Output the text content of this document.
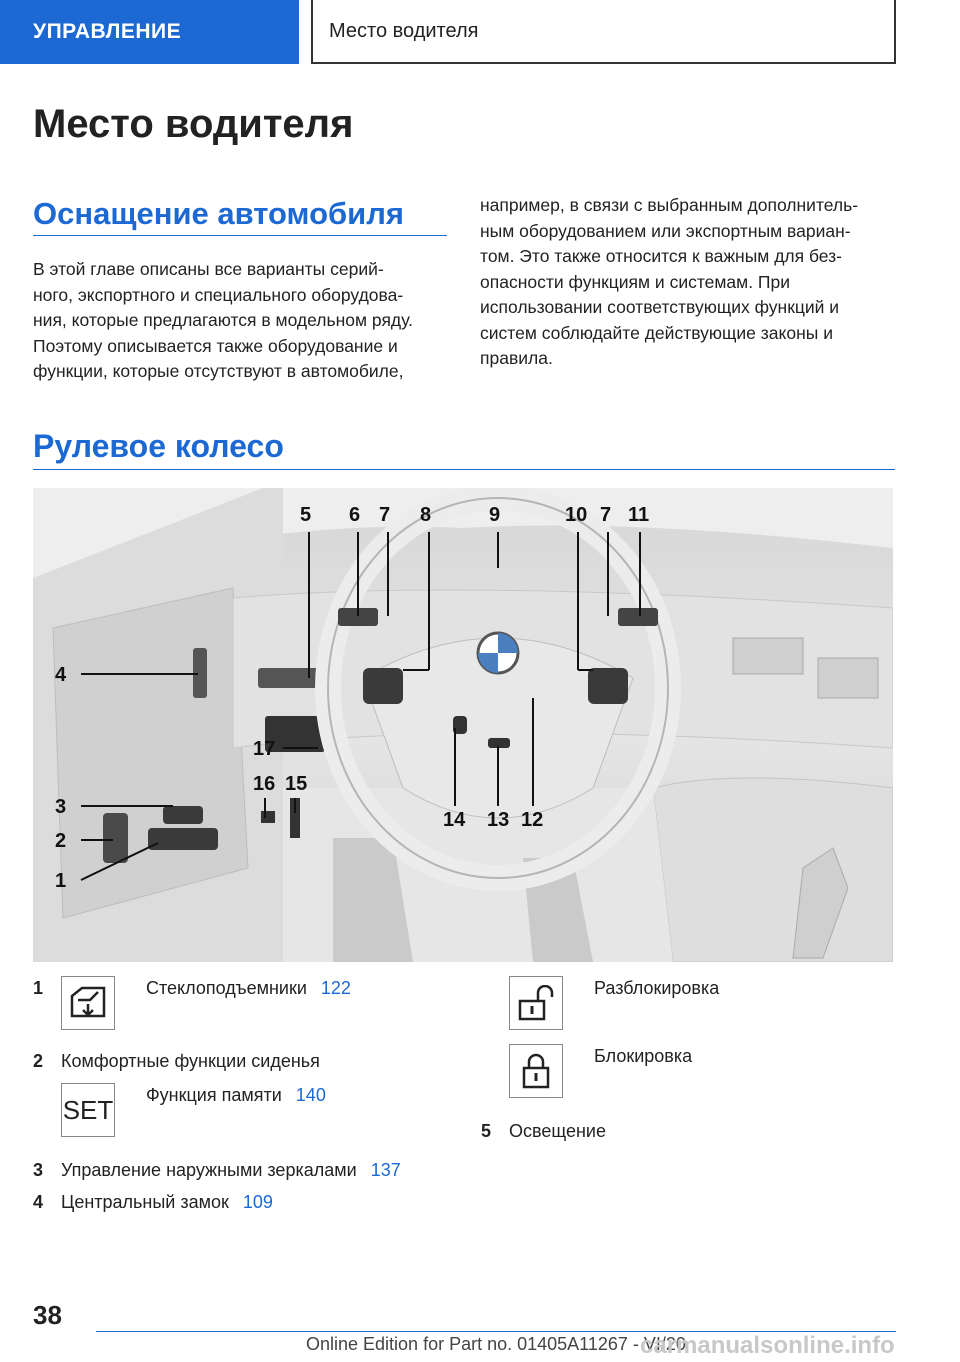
УПРАВЛЕНИЕ	Место водителя
Место водителя
Оснащение автомобиля
В этой главе описаны все варианты серий-
ного, экспортного и специального оборудова-
ния, которые предлагаются в модельном ряду.
Поэтому описывается также оборудование и
функции, которые отсутствуют в автомобиле,
например, в связи с выбранным дополнитель-
ным оборудованием или экспортным вариан-
том. Это также относится к важным для без-
опасности функциям и системам. При
использовании соответствующих функций и
систем соблюдайте действующие законы и
правила.
Рулевое колесо
5 6 7 8	9	10 7 11
4
17
16 15
3
2
1
14 13 12
1	Стеклоподъемники 122
2 Комфортные функции сиденья
SET Функция памяти 140
3 Управление наружными зеркалами 137
4 Центральный замок 109
Разблокировка
Блокировка
5 Освещение
38
Online Edition for Part no. 01405A11267 - VI/20
carmanualsonline.info
